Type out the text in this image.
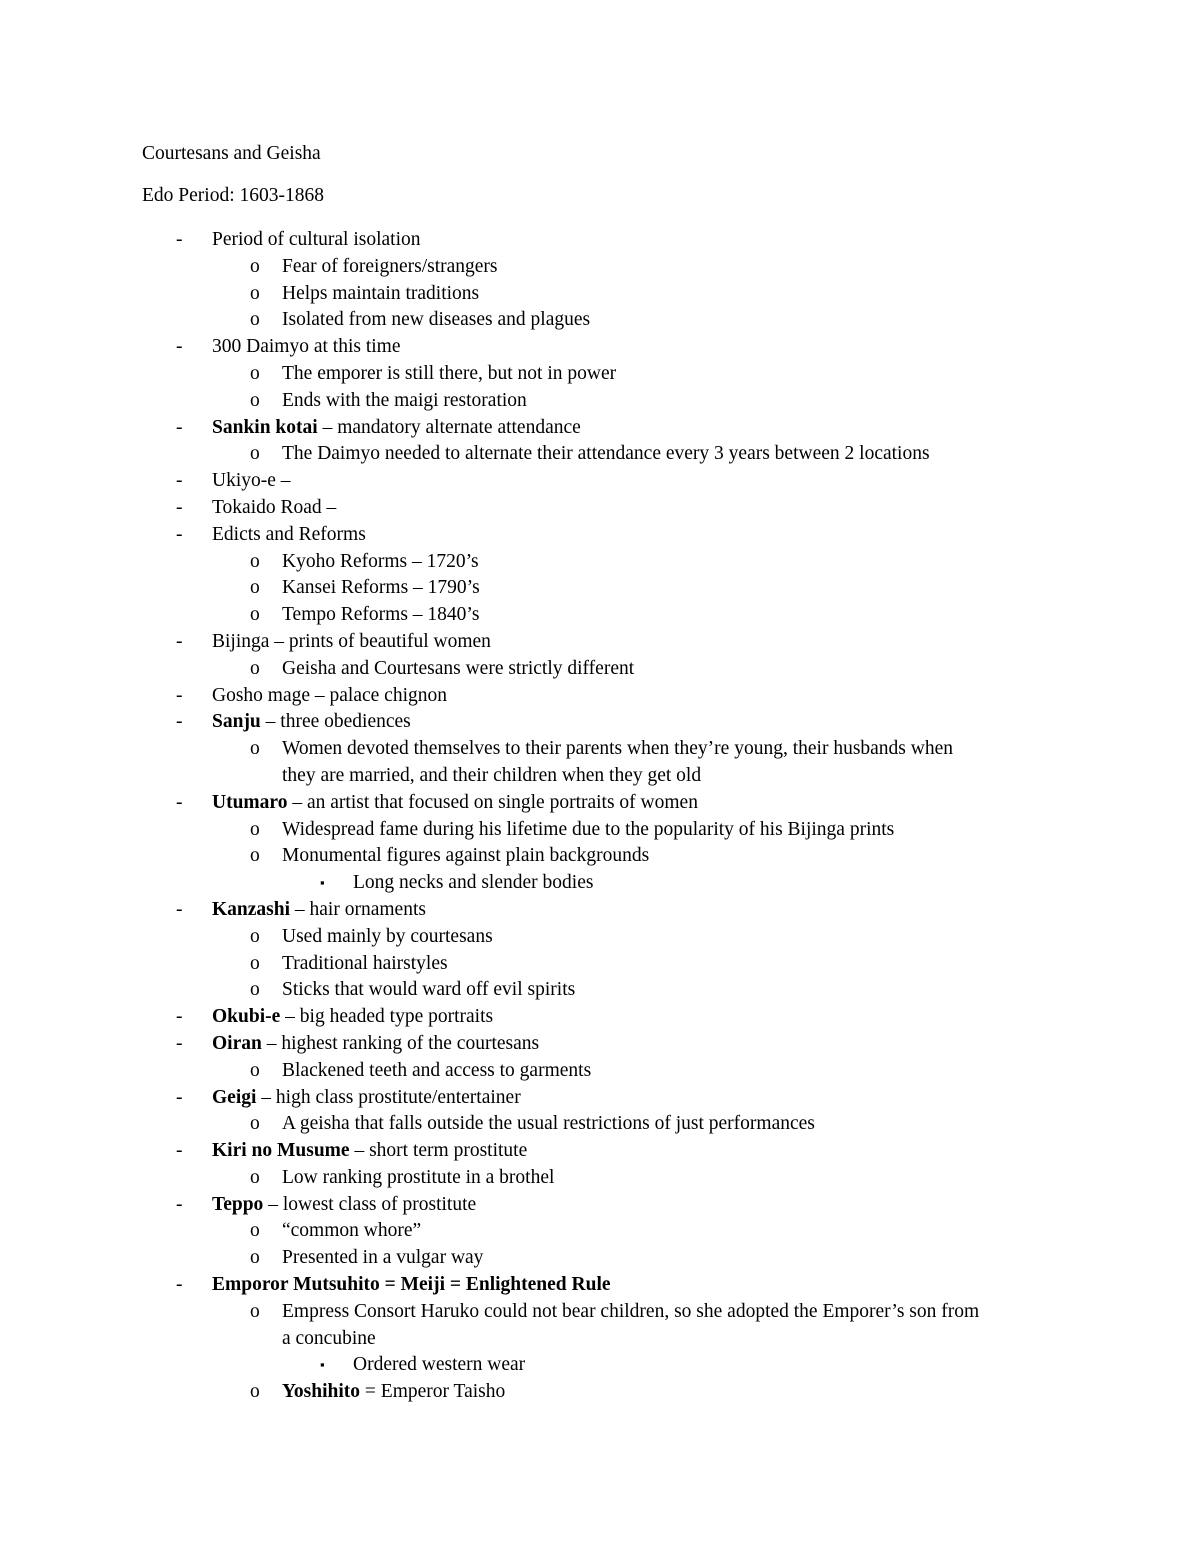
Courtesans and Geisha
Edo Period: 1603-1868
- Period of cultural isolation
o Fear of foreigners/strangers
o Helps maintain traditions
o Isolated from new diseases and plagues
- 300 Daimyo at this time
o The emporer is still there, but not in power
o Ends with the maigi restoration
- Sankin kotai – mandatory alternate attendance
o The Daimyo needed to alternate their attendance every 3 years between 2 locations
- Ukiyo-e –
- Tokaido Road –
- Edicts and Reforms
o Kyoho Reforms – 1720’s
o Kansei Reforms – 1790’s
o Tempo Reforms – 1840’s
- Bijinga – prints of beautiful women
o Geisha and Courtesans were strictly different
- Gosho mage – palace chignon
- Sanju – three obediences
o Women devoted themselves to their parents when they’re young, their husbands when
they are married, and their children when they get old
- Utumaro – an artist that focused on single portraits of women
o Widespread fame during his lifetime due to the popularity of his Bijinga prints
o Monumental figures against plain backgrounds
▪ Long necks and slender bodies
- Kanzashi – hair ornaments
o Used mainly by courtesans
o Traditional hairstyles
o Sticks that would ward off evil spirits
- Okubi-e – big headed type portraits
- Oiran – highest ranking of the courtesans
o Blackened teeth and access to garments
- Geigi – high class prostitute/entertainer
o A geisha that falls outside the usual restrictions of just performances
- Kiri no Musume – short term prostitute
o Low ranking prostitute in a brothel
- Teppo – lowest class of prostitute
o “common whore”
o Presented in a vulgar way
- Emporor Mutsuhito = Meiji = Enlightened Rule
o Empress Consort Haruko could not bear children, so she adopted the Emporer’s son from
a concubine
▪ Ordered western wear
o Yoshihito = Emperor Taisho
